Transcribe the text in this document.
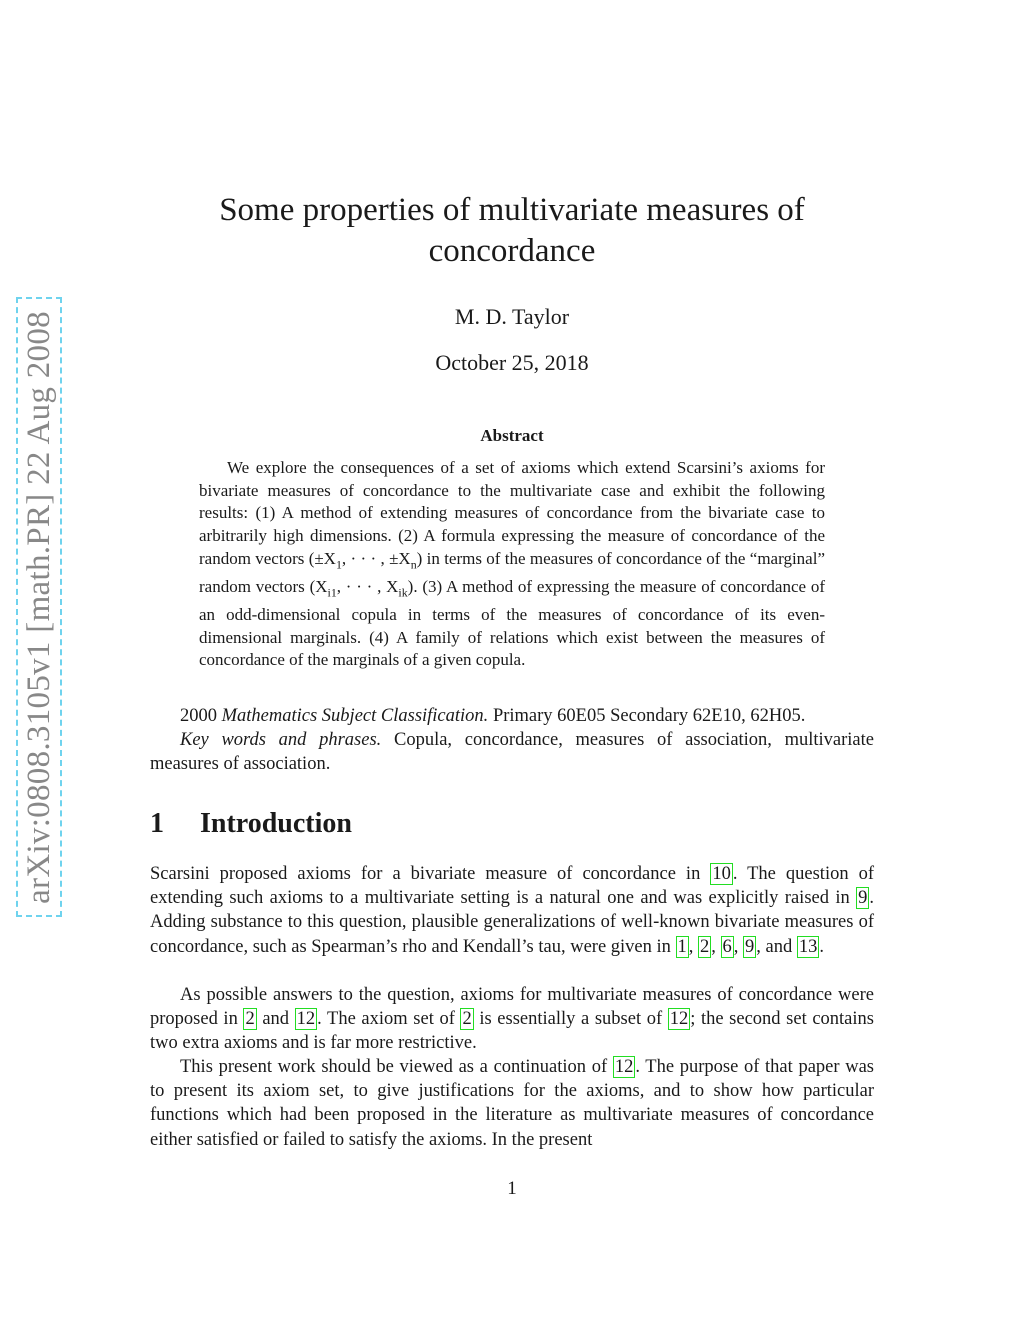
arXiv:0808.3105v1 [math.PR] 22 Aug 2008
Some properties of multivariate measures of concordance

M. D. Taylor

October 25, 2018

Abstract

We explore the consequences of a set of axioms which extend Scarsini’s axioms for bivariate measures of concordance to the multivariate case and exhibit the following results: (1) A method of extending measures of concordance from the bivariate case to arbitrarily high dimensions. (2) A formula expressing the measure of concordance of the random vectors ($\pm X_1$, · · · , $\pm X_n$) in terms of the measures of concordance of the “marginal” random vectors ($X_{i1}$, · · · , $X_{ik}$). (3) A method of expressing the measure of concordance of an odd-dimensional copula in terms of the measures of concordance of its even-dimensional marginals. (4) A family of relations which exist between the measures of concordance of the marginals of a given copula.

2000 Mathematics Subject Classification. Primary 60E05 Secondary 62E10, 62H05.

Key words and phrases. Copula, concordance, measures of association, multivariate measures of association.

1 Introduction

Scarsini proposed axioms for a bivariate measure of concordance in 10 . The question of extending such axioms to a multivariate setting is a natural one and was explicitly raised in 9 . Adding substance to this question, plausible generalizations of well-known bivariate measures of concordance, such as Spearman’s rho and Kendall’s tau, were given in 1 , 2 , 6 , 9 , and 13 .

As possible answers to the question, axioms for multivariate measures of concordance were proposed in 2 and 12 . The axiom set of 2 is essentially a subset of 12 ; the second set contains two extra axioms and is far more restrictive.

This present work should be viewed as a continuation of 12 . The purpose of that paper was to present its axiom set, to give justifications for the axioms, and to show how particular functions which had been proposed in the literature as multivariate measures of concordance either satisfied or failed to satisfy the axioms. In the present

1
